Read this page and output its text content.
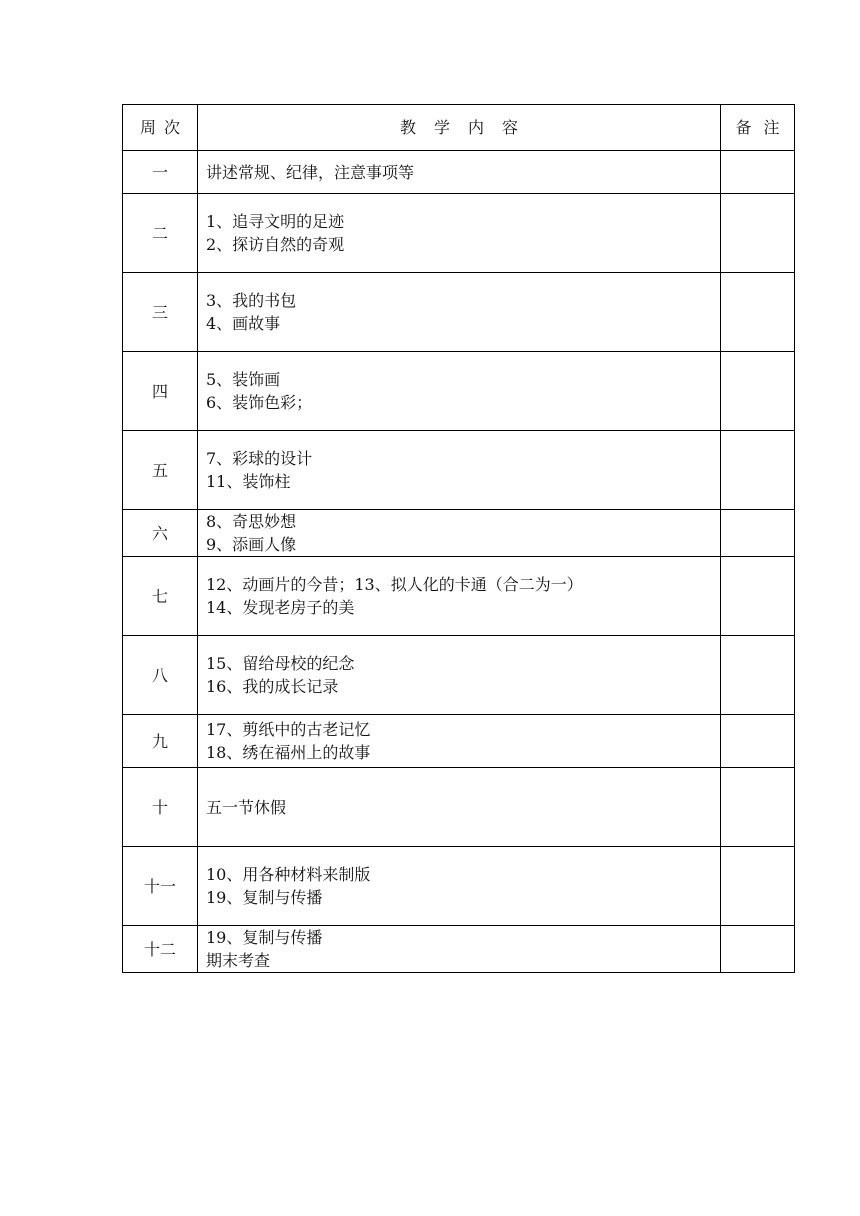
周次	教学内容	备注
一	讲述常规、纪律，注意事项等	

二	1、追寻文明的足迹
2、探访自然的奇观	

三	3、我的书包
4、画故事	

四	5、装饰画
6、装饰色彩；	

五	7、彩球的设计
11、装饰柱	

六	8、奇思妙想
9、添画人像	

七	12、动画片的今昔；13、拟人化的卡通（合二为一）
14、发现老房子的美	

八	15、留给母校的纪念
16、我的成长记录	

九	17、剪纸中的古老记忆
18、绣在福州上的故事	

十	五一节休假	

十一	10、用各种材料来制版
19、复制与传播	

十二	19、复制与传播
期末考查	
